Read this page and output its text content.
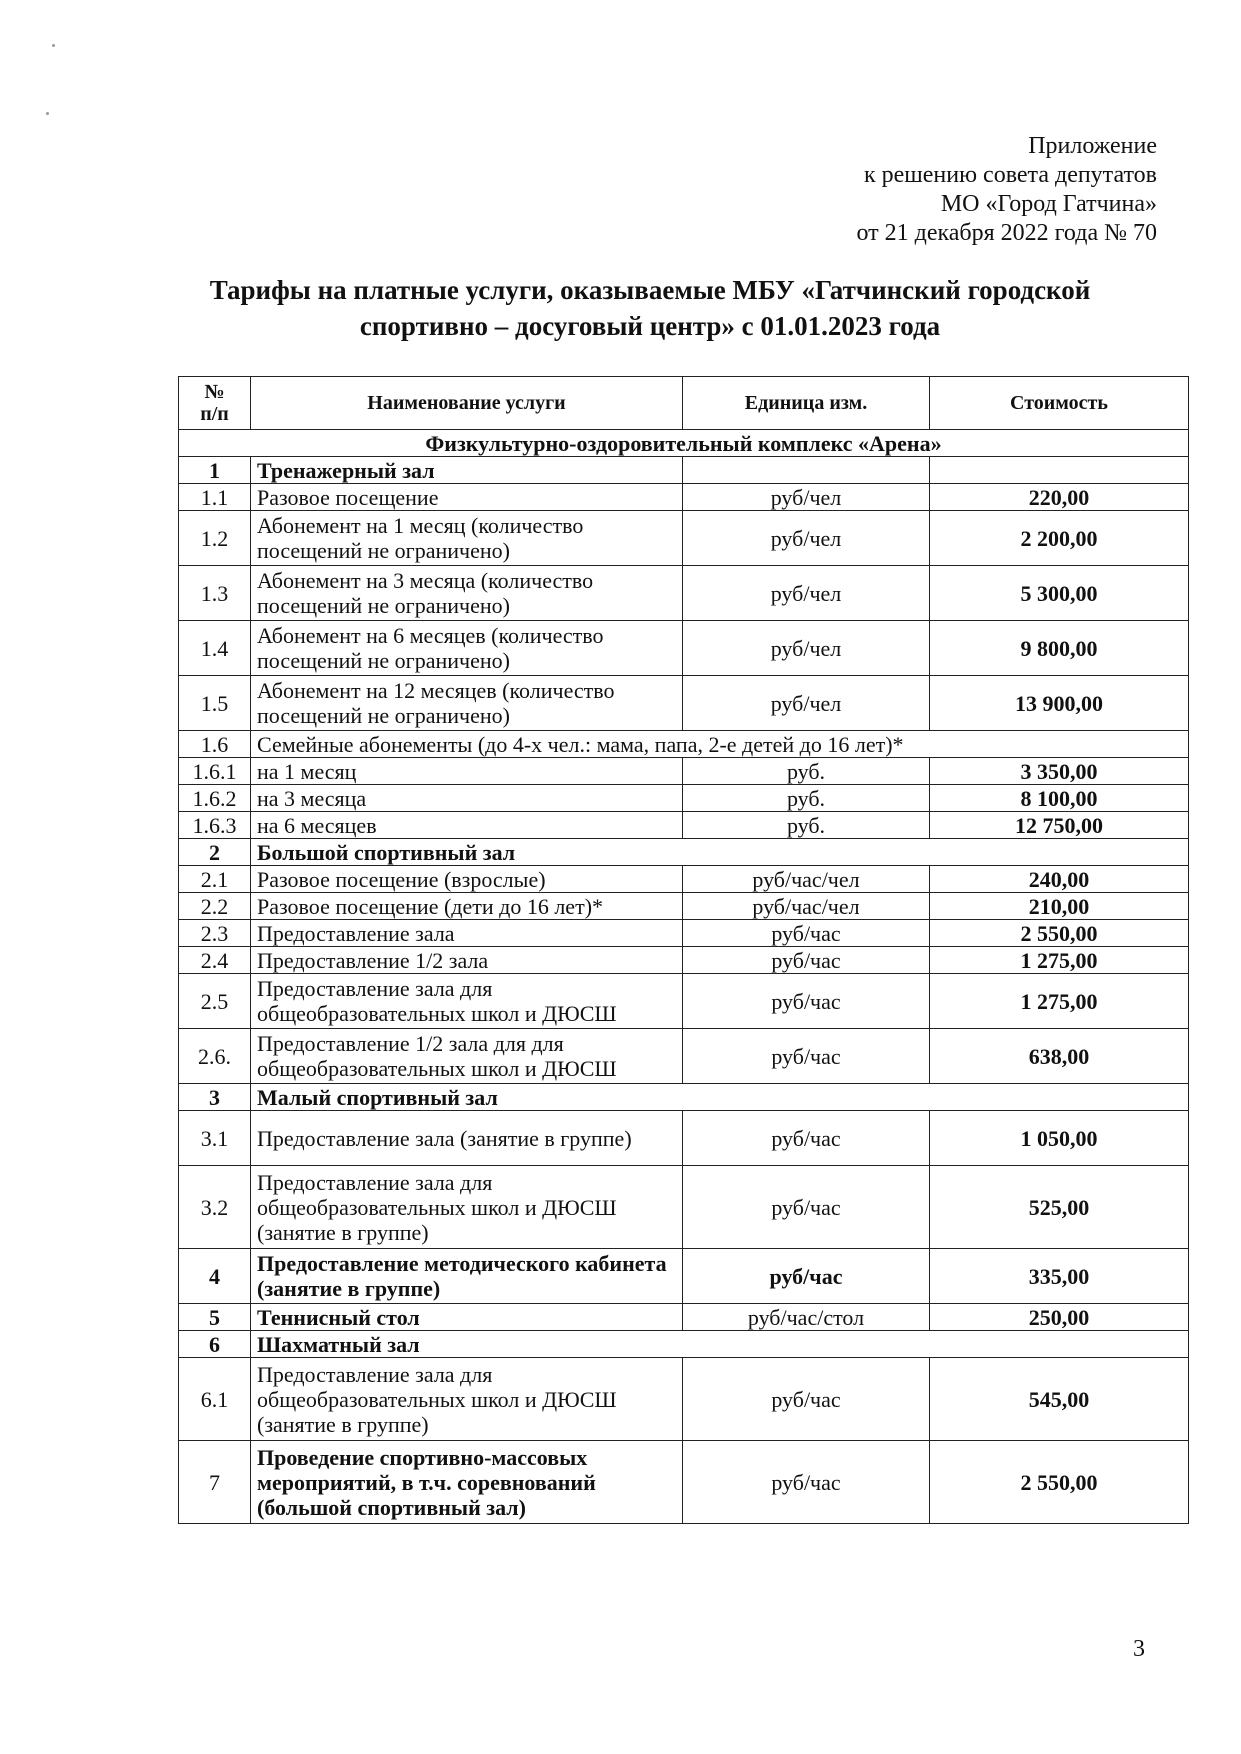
Приложение
к решению совета депутатов
МО «Город Гатчина»
от 21 декабря 2022 года № 70
Тарифы на платные услуги, оказываемые МБУ «Гатчинский городской
спортивно – досуговый центр» с 01.01.2023 года
№
п/п	Наименование услуги	Единица изм.	Стоимость
Физкультурно-оздоровительный комплекс «Арена»			
1	Тренажерный зал		
1.1	Разовое посещение	руб/чел	220,00
1.2	Абонемент на 1 месяц (количество посещений не ограничено)	руб/чел	2 200,00
1.3	Абонемент на 3 месяца (количество посещений не ограничено)	руб/чел	5 300,00
1.4	Абонемент на 6 месяцев (количество посещений не ограничено)	руб/чел	9 800,00
1.5	Абонемент на 12 месяцев (количество посещений не ограничено)	руб/чел	13 900,00
1.6	Семейные абонементы (до 4-х чел.: мама, папа, 2-е детей до 16 лет)*		
1.6.1	на 1 месяц	руб.	3 350,00
1.6.2	на 3 месяца	руб.	8 100,00
1.6.3	на 6 месяцев	руб.	12 750,00
2	Большой спортивный зал		
2.1	Разовое посещение (взрослые)	руб/час/чел	240,00
2.2	Разовое посещение (дети до 16 лет)*	руб/час/чел	210,00
2.3	Предоставление зала	руб/час	2 550,00
2.4	Предоставление 1/2 зала	руб/час	1 275,00
2.5	Предоставление зала для общеобразовательных школ и ДЮСШ	руб/час	1 275,00
2.6.	Предоставление 1/2 зала для для общеобразовательных школ и ДЮСШ	руб/час	638,00
3	Малый спортивный зал		
3.1	Предоставление зала (занятие в группе)	руб/час	1 050,00
3.2	Предоставление зала для общеобразовательных школ и ДЮСШ (занятие в группе)	руб/час	525,00
4	Предоставление методического кабинета (занятие в группе)	руб/час	335,00
5	Теннисный стол	руб/час/стол	250,00
6	Шахматный зал		
6.1	Предоставление зала для общеобразовательных школ и ДЮСШ (занятие в группе)	руб/час	545,00
7	Проведение спортивно-массовых мероприятий, в т.ч. соревнований (большой спортивный зал)	руб/час	2 550,00
3
